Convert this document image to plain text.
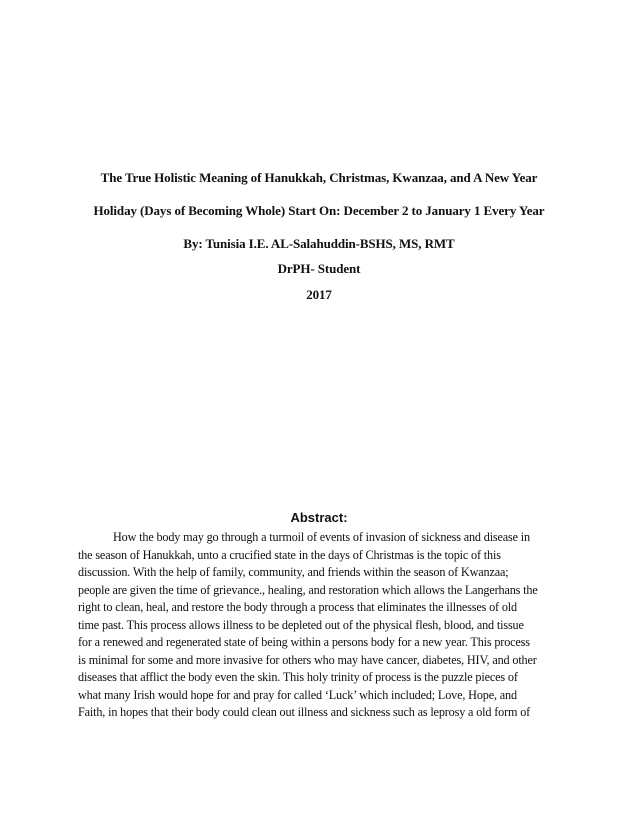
The True Holistic Meaning of Hanukkah, Christmas, Kwanzaa, and A New Year
Holiday (Days of Becoming Whole) Start On: December 2 to January 1 Every Year
By: Tunisia I.E. AL-Salahuddin-BSHS, MS, RMT
DrPH- Student
2017
Abstract:
How the body may go through a turmoil of events of invasion of sickness and disease in
the season of Hanukkah, unto a crucified state in the days of Christmas is the topic of this
discussion. With the help of family, community, and friends within the season of Kwanzaa;
people are given the time of grievance., healing, and restoration which allows the Langerhans the
right to clean, heal, and restore the body through a process that eliminates the illnesses of old
time past. This process allows illness to be depleted out of the physical flesh, blood, and tissue
for a renewed and regenerated state of being within a persons body for a new year. This process
is minimal for some and more invasive for others who may have cancer, diabetes, HIV, and other
diseases that afflict the body even the skin. This holy trinity of process is the puzzle pieces of
what many Irish would hope for and pray for called ‘Luck’ which included; Love, Hope, and
Faith, in hopes that their body could clean out illness and sickness such as leprosy a old form of
